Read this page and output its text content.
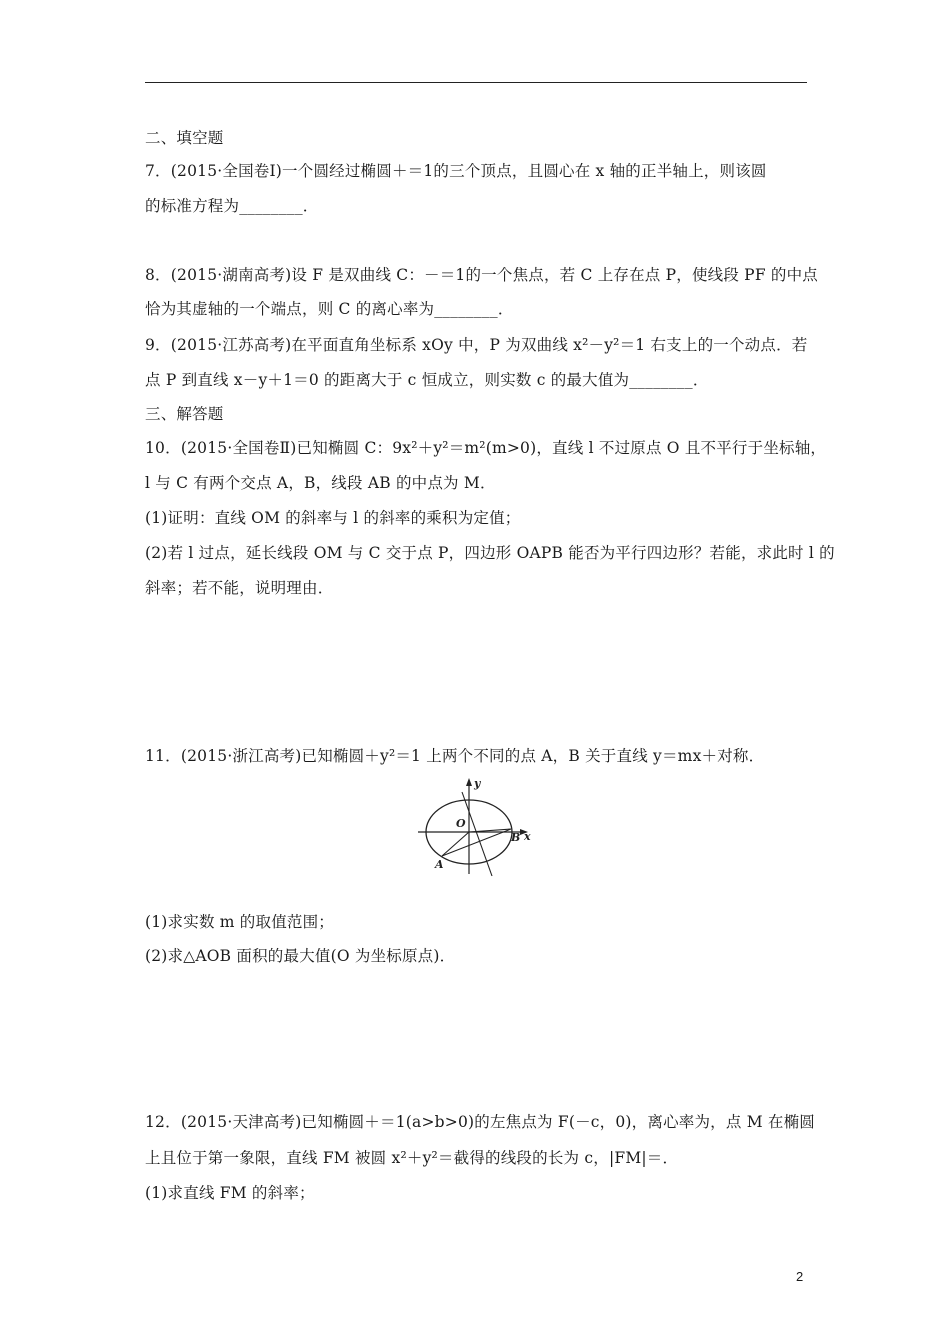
二、填空题
7．(2015·全国卷Ⅰ)一个圆经过椭圆＋＝1的三个顶点，且圆心在 x 轴的正半轴上，则该圆
的标准方程为________．
8．(2015·湖南高考)设 F 是双曲线 C：－＝1的一个焦点，若 C 上存在点 P，使线段 PF 的中点
恰为其虚轴的一个端点，则 C 的离心率为________．
9．(2015·江苏高考)在平面直角坐标系 xOy 中，P 为双曲线 x²－y²＝1 右支上的一个动点．若
点 P 到直线 x－y＋1＝0 的距离大于 c 恒成立，则实数 c 的最大值为________．
三、解答题
10．(2015·全国卷Ⅱ)已知椭圆 C：9x²＋y²＝m²(m>0)，直线 l 不过原点 O 且不平行于坐标轴，
l 与 C 有两个交点 A，B，线段 AB 的中点为 M．
(1)证明：直线 OM 的斜率与 l 的斜率的乘积为定值；
(2)若 l 过点，延长线段 OM 与 C 交于点 P，四边形 OAPB 能否为平行四边形？若能，求此时 l 的
斜率；若不能，说明理由．
11．(2015·浙江高考)已知椭圆＋y²＝1 上两个不同的点 A，B 关于直线 y＝mx＋对称．
y
x
O
A
B
(1)求实数 m 的取值范围；
(2)求△AOB 面积的最大值(O 为坐标原点)．
12．(2015·天津高考)已知椭圆＋＝1(a>b>0)的左焦点为 F(－c，0)，离心率为，点 M 在椭圆
上且位于第一象限，直线 FM 被圆 x²＋y²＝截得的线段的长为 c，|FM|＝．
(1)求直线 FM 的斜率；
2
